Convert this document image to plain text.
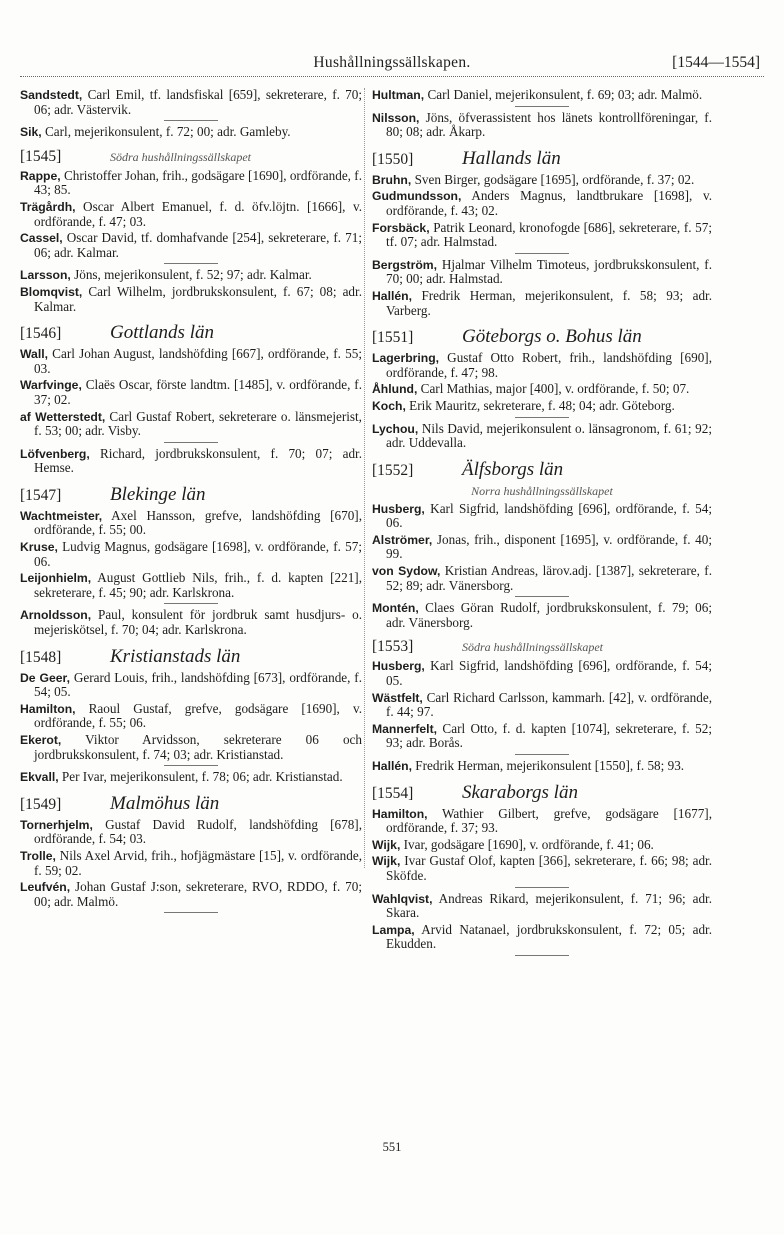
Hushållningssällskapen.	[1544—1554]

Sandstedt, Carl Emil, tf. landsfiskal [659], sekreterare, f. 70; 06; adr. Västervik.

Sik, Carl, mejerikonsulent, f. 72; 00; adr. Gamleby.

[1545]	Södra hushållningssällskapet

Rappe, Christoffer Johan, frih., godsägare [1690], ordförande, f. 43; 85.

Trägårdh, Oscar Albert Emanuel, f. d. öfv.löjtn. [1666], v. ordförande, f. 47; 03.

Cassel, Oscar David, tf. domhafvande [254], sekreterare, f. 71; 06; adr. Kalmar.

Larsson, Jöns, mejerikonsulent, f. 52; 97; adr. Kalmar.

Blomqvist, Carl Wilhelm, jordbrukskonsulent, f. 67; 08; adr. Kalmar.

[1546]	Gottlands län

Wall, Carl Johan August, landshöfding [667], ordförande, f. 55; 03.

Warfvinge, Claës Oscar, förste landtm. [1485], v. ordförande, f. 37; 02.

af Wetterstedt, Carl Gustaf Robert, sekreterare o. länsmejerist, f. 53; 00; adr. Visby.

Löfvenberg, Richard, jordbrukskonsulent, f. 70; 07; adr. Hemse.

[1547]	Blekinge län

Wachtmeister, Axel Hansson, grefve, landshöfding [670], ordförande, f. 55; 00.

Kruse, Ludvig Magnus, godsägare [1698], v. ordförande, f. 57; 06.

Leijonhielm, August Gottlieb Nils, frih., f. d. kapten [221], sekreterare, f. 45; 90; adr. Karlskrona.

Arnoldsson, Paul, konsulent för jordbruk samt husdjurs- o. mejeriskötsel, f. 70; 04; adr. Karlskrona.

[1548]	Kristianstads län

De Geer, Gerard Louis, frih., landshöfding [673], ordförande, f. 54; 05.

Hamilton, Raoul Gustaf, grefve, godsägare [1690], v. ordförande, f. 55; 06.

Ekerot, Viktor Arvidsson, sekreterare 06 och jordbrukskonsulent, f. 74; 03; adr. Kristianstad.

Ekvall, Per Ivar, mejerikonsulent, f. 78; 06; adr. Kristianstad.

[1549]	Malmöhus län

Tornerhjelm, Gustaf David Rudolf, landshöfding [678], ordförande, f. 54; 03.

Trolle, Nils Axel Arvid, frih., hofjägmästare [15], v. ordförande, f. 59; 02.

Leufvén, Johan Gustaf J:son, sekreterare, RVO, RDDO, f. 70; 00; adr. Malmö.

Hultman, Carl Daniel, mejerikonsulent, f. 69; 03; adr. Malmö.

Nilsson, Jöns, öfverassistent hos länets kontrollföreningar, f. 80; 08; adr. Åkarp.

[1550]	Hallands län

Bruhn, Sven Birger, godsägare [1695], ordförande, f. 37; 02.

Gudmundsson, Anders Magnus, landtbrukare [1698], v. ordförande, f. 43; 02.

Forsbäck, Patrik Leonard, kronofogde [686], sekreterare, f. 57; tf. 07; adr. Halmstad.

Bergström, Hjalmar Vilhelm Timoteus, jordbrukskonsulent, f. 70; 00; adr. Halmstad.

Hallén, Fredrik Herman, mejerikonsulent, f. 58; 93; adr. Varberg.

[1551]	Göteborgs o. Bohus län

Lagerbring, Gustaf Otto Robert, frih., landshöfding [690], ordförande, f. 47; 98.

Åhlund, Carl Mathias, major [400], v. ordförande, f. 50; 07.

Koch, Erik Mauritz, sekreterare, f. 48; 04; adr. Göteborg.

Lychou, Nils David, mejerikonsulent o. länsagronom, f. 61; 92; adr. Uddevalla.

[1552]	Älfsborgs län
Norra hushållningssällskapet

Husberg, Karl Sigfrid, landshöfding [696], ordförande, f. 54; 06.

Alströmer, Jonas, frih., disponent [1695], v. ordförande, f. 40; 99.

von Sydow, Kristian Andreas, lärov.adj. [1387], sekreterare, f. 52; 89; adr. Vänersborg.

Montén, Claes Göran Rudolf, jordbrukskonsulent, f. 79; 06; adr. Vänersborg.

[1553]	Södra hushållningssällskapet

Husberg, Karl Sigfrid, landshöfding [696], ordförande, f. 54; 05.

Wästfelt, Carl Richard Carlsson, kammarh. [42], v. ordförande, f. 44; 97.

Mannerfelt, Carl Otto, f. d. kapten [1074], sekreterare, f. 52; 93; adr. Borås.

Hallén, Fredrik Herman, mejerikonsulent [1550], f. 58; 93.

[1554]	Skaraborgs län

Hamilton, Wathier Gilbert, grefve, godsägare [1677], ordförande, f. 37; 93.

Wijk, Ivar, godsägare [1690], v. ordförande, f. 41; 06.

Wijk, Ivar Gustaf Olof, kapten [366], sekreterare, f. 66; 98; adr. Sköfde.

Wahlqvist, Andreas Rikard, mejerikonsulent, f. 71; 96; adr. Skara.

Lampa, Arvid Natanael, jordbrukskonsulent, f. 72; 05; adr. Ekudden.

551
